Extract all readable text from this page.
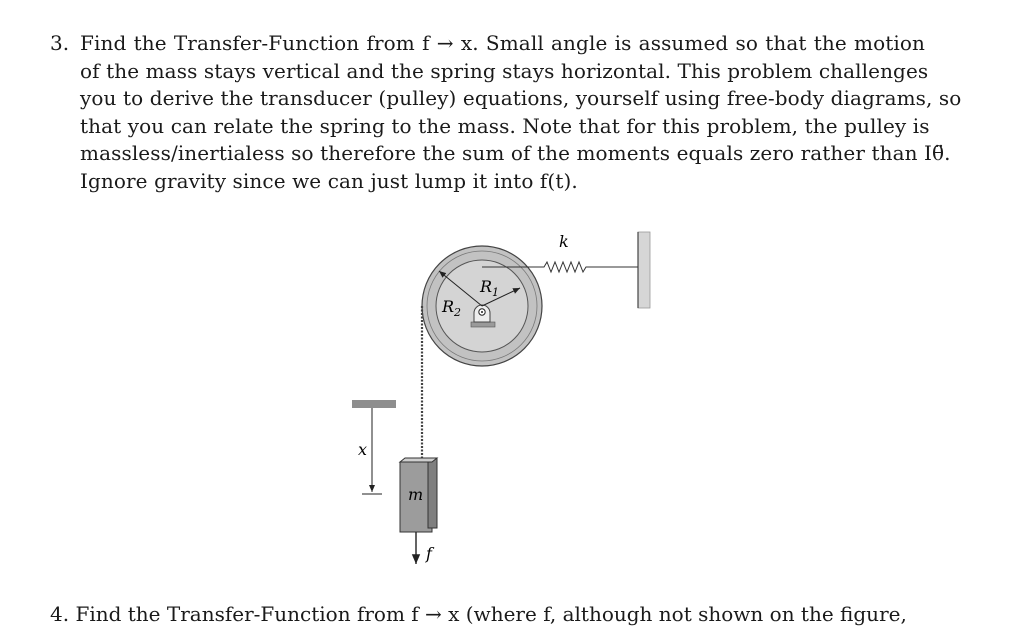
3. Find the Transfer-Function from f → x. Small angle is assumed so that the motion
of the mass stays vertical and the spring stays horizontal. This problem challenges
you to derive the transducer (pulley) equations, yourself using free-body diagrams, so
that you can relate the spring to the mass. Note that for this problem, the pulley is
massless/inertialess so therefore the sum of the moments equals zero rather than Iθ̈.
Ignore gravity since we can just lump it into f(t).
k
$R_1$
$R_2$
m
f
x
4. Find the Transfer-Function from f → x (where f, although not shown on the figure,
